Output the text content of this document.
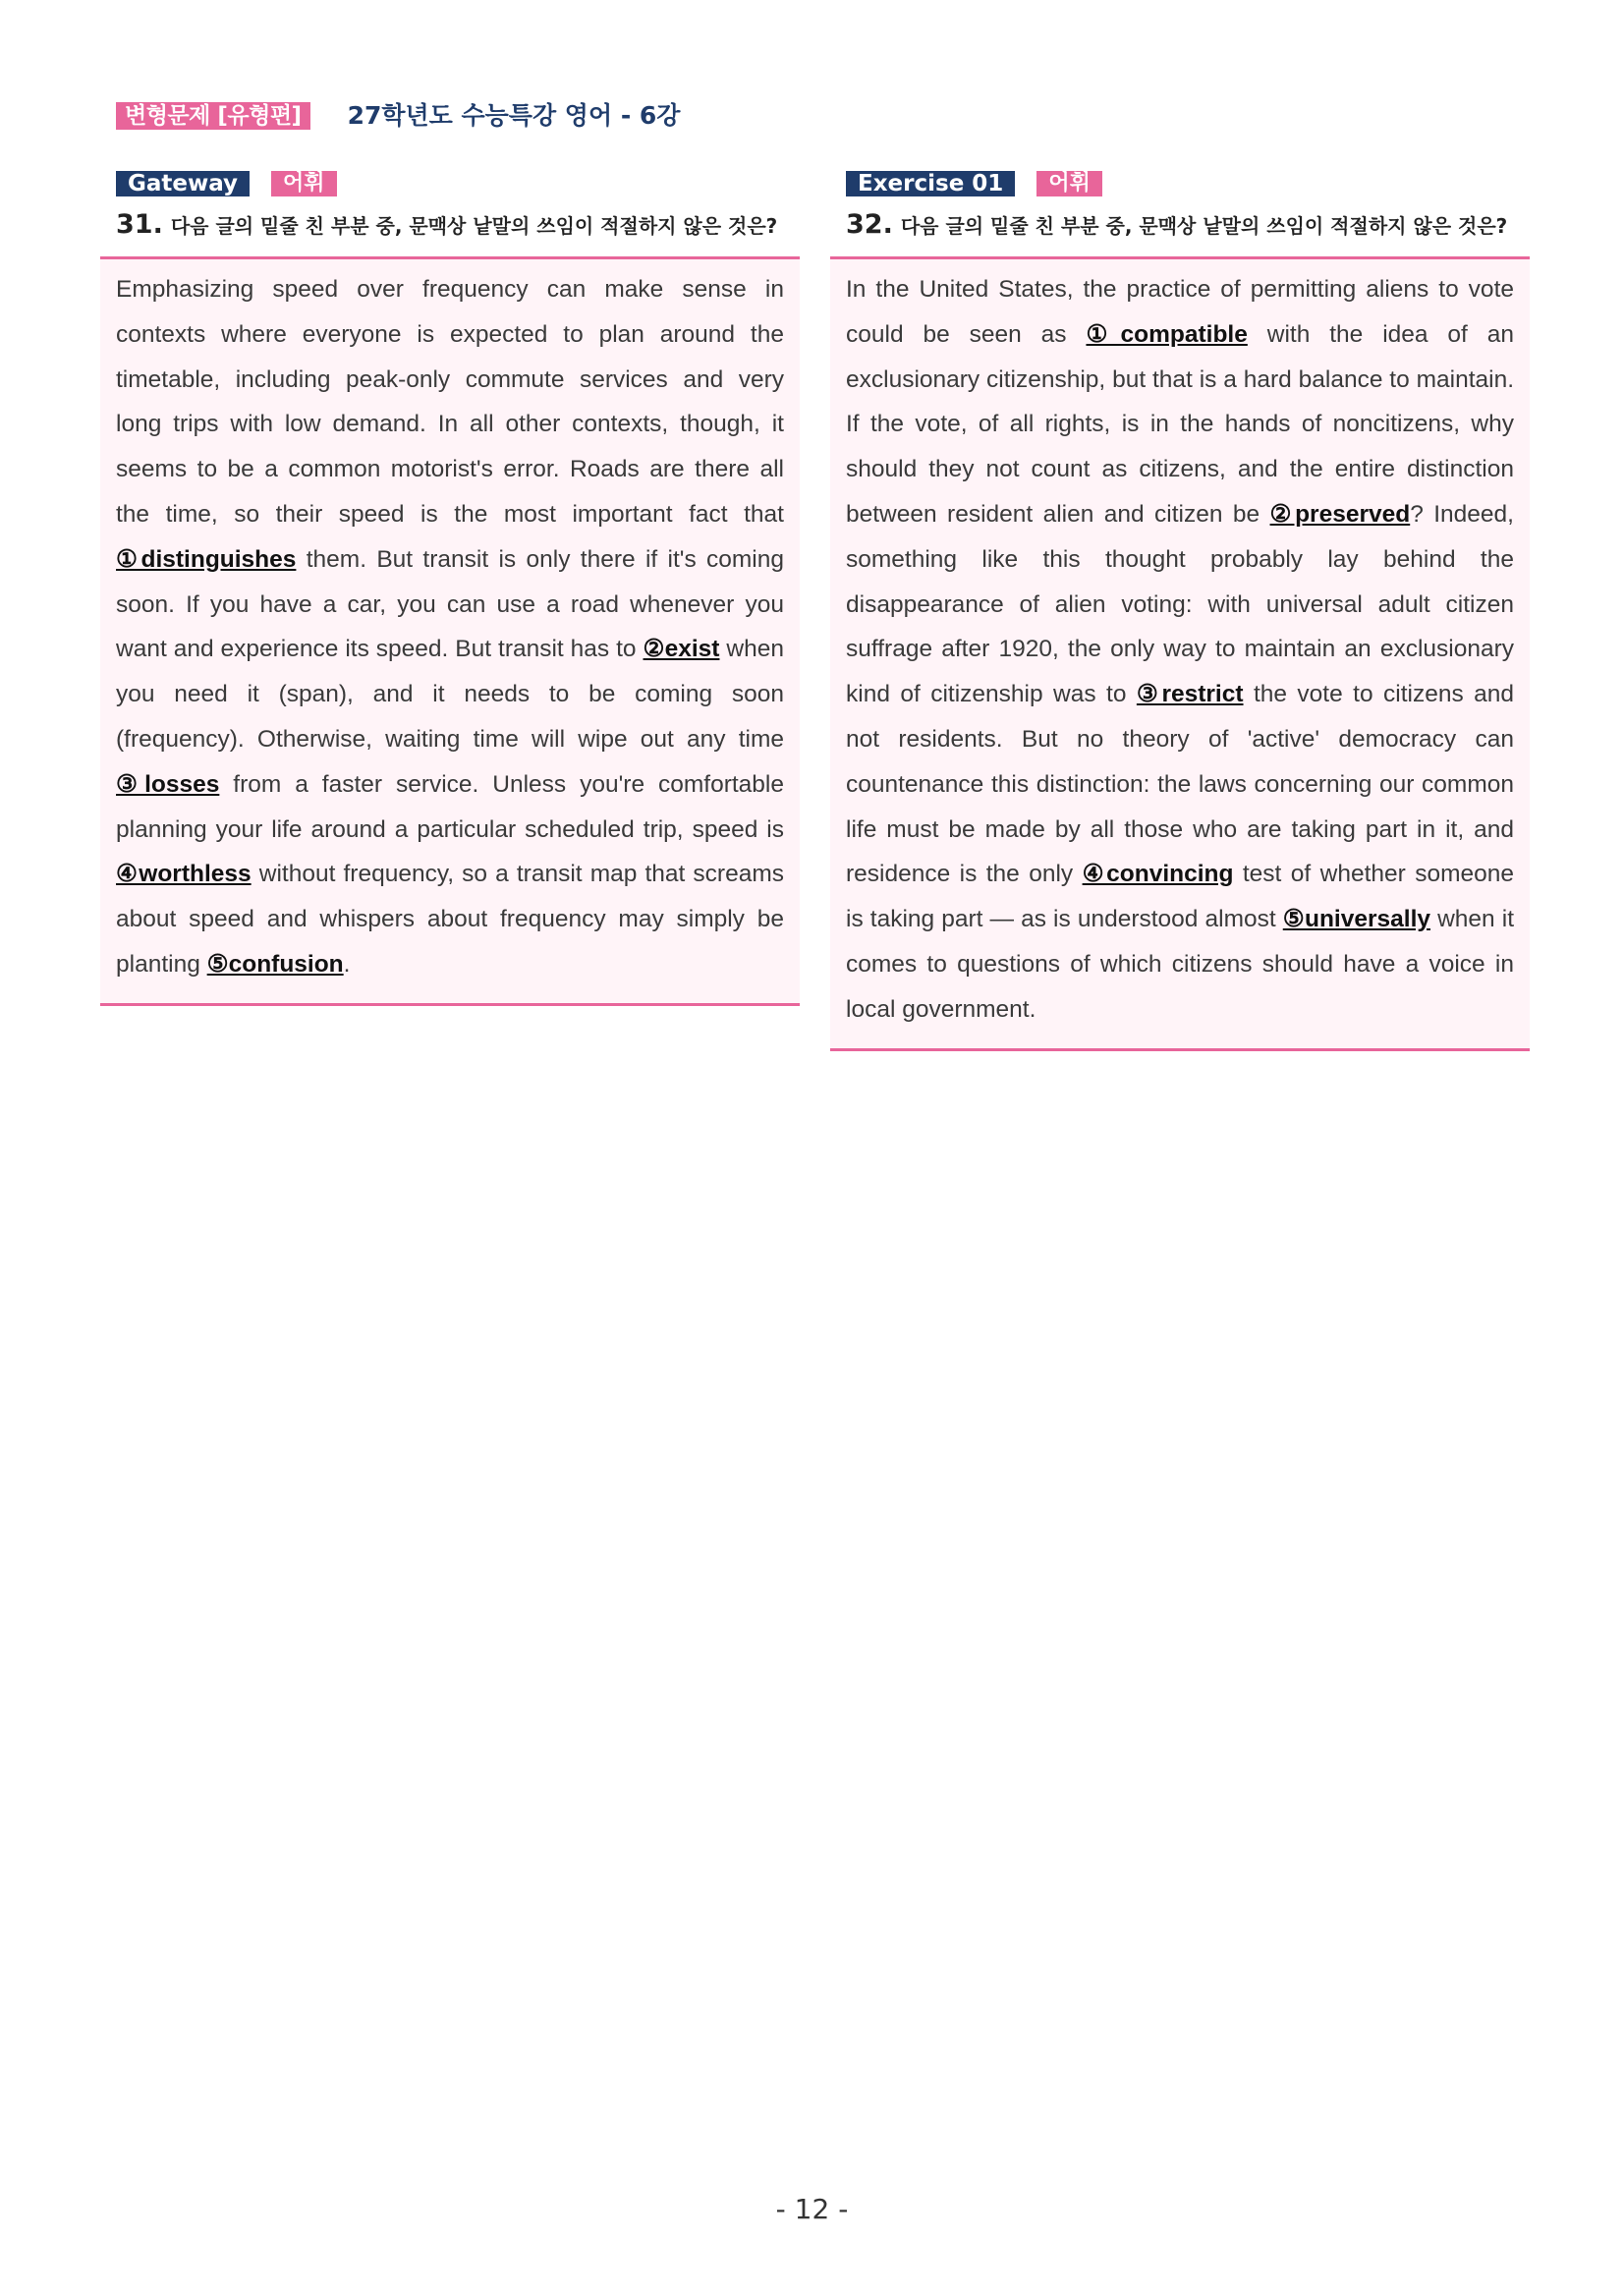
변형문제 [유형편]	27학년도 수능특강 영어 - 6강
Gateway	어휘
31. 다음 글의 밑줄 친 부분 중, 문맥상 낱말의 쓰임이 적절하지 않은 것은?
Emphasizing speed over frequency can make sense in contexts where everyone is expected to plan around the timetable, including peak-only commute services and very long trips with low demand. In all other contexts, though, it seems to be a common motorist's error. Roads are there all the time, so their speed is the most important fact that ①distinguishes them. But transit is only there if it's coming soon. If you have a car, you can use a road whenever you want and experience its speed. But transit has to ②exist when you need it (span), and it needs to be coming soon (frequency). Otherwise, waiting time will wipe out any time ③losses from a faster service. Unless you're comfortable planning your life around a particular scheduled trip, speed is ④worthless without frequency, so a transit map that screams about speed and whispers about frequency may simply be planting ⑤confusion.
Exercise 01	어휘
32. 다음 글의 밑줄 친 부분 중, 문맥상 낱말의 쓰임이 적절하지 않은 것은?
In the United States, the practice of permitting aliens to vote could be seen as ①compatible with the idea of an exclusionary citizenship, but that is a hard balance to maintain. If the vote, of all rights, is in the hands of noncitizens, why should they not count as citizens, and the entire distinction between resident alien and citizen be ②preserved? Indeed, something like this thought probably lay behind the disappearance of alien voting: with universal adult citizen suffrage after 1920, the only way to maintain an exclusionary kind of citizenship was to ③restrict the vote to citizens and not residents. But no theory of 'active' democracy can countenance this distinction: the laws concerning our common life must be made by all those who are taking part in it, and residence is the only ④convincing test of whether someone is taking part — as is understood almost ⑤universally when it comes to questions of which citizens should have a voice in local government.
- 12 -
